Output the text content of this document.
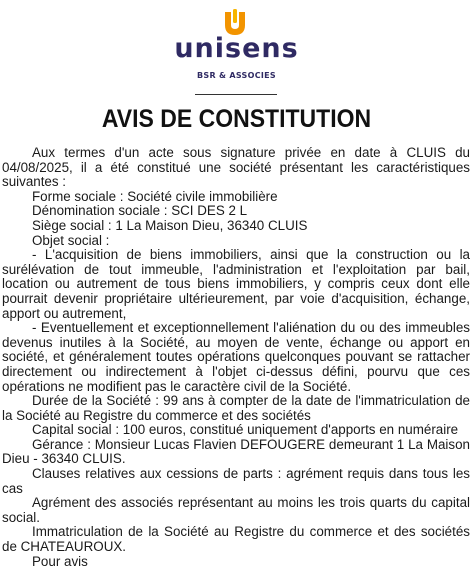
unisens
BSR & ASSOCIES
AVIS DE CONSTITUTION

Aux termes d'un acte sous signature privée en date à CLUIS du 04/08/2025, il a été constitué une société présentant les caractéristiques suivantes :

Forme sociale : Société civile immobilière

Dénomination sociale : SCI DES 2 L

Siège social : 1 La Maison Dieu, 36340 CLUIS

Objet social :

- L'acquisition de biens immobiliers, ainsi que la construction ou la surélévation de tout immeuble, l'administration et l'exploitation par bail, location ou autrement de tous biens immobiliers, y compris ceux dont elle pourrait devenir propriétaire ultérieurement, par voie d'acquisition, échange, apport ou autrement,

- Eventuellement et exceptionnellement l'aliénation du ou des immeubles devenus inutiles à la Société, au moyen de vente, échange ou apport en société, et généralement toutes opérations quelconques pouvant se rattacher directement ou indirectement à l'objet ci-dessus défini, pourvu que ces opérations ne modifient pas le caractère civil de la Société.

Durée de la Société : 99 ans à compter de la date de l'immatriculation de la Société au Registre du commerce et des sociétés

Capital social : 100 euros, constitué uniquement d'apports en numéraire

Gérance : Monsieur Lucas Flavien DEFOUGERE demeurant 1 La Maison Dieu - 36340 CLUIS.

Clauses relatives aux cessions de parts : agrément requis dans tous les cas

Agrément des associés représentant au moins les trois quarts du capital social.

Immatriculation de la Société au Registre du commerce et des sociétés de CHATEAUROUX.

Pour avis
